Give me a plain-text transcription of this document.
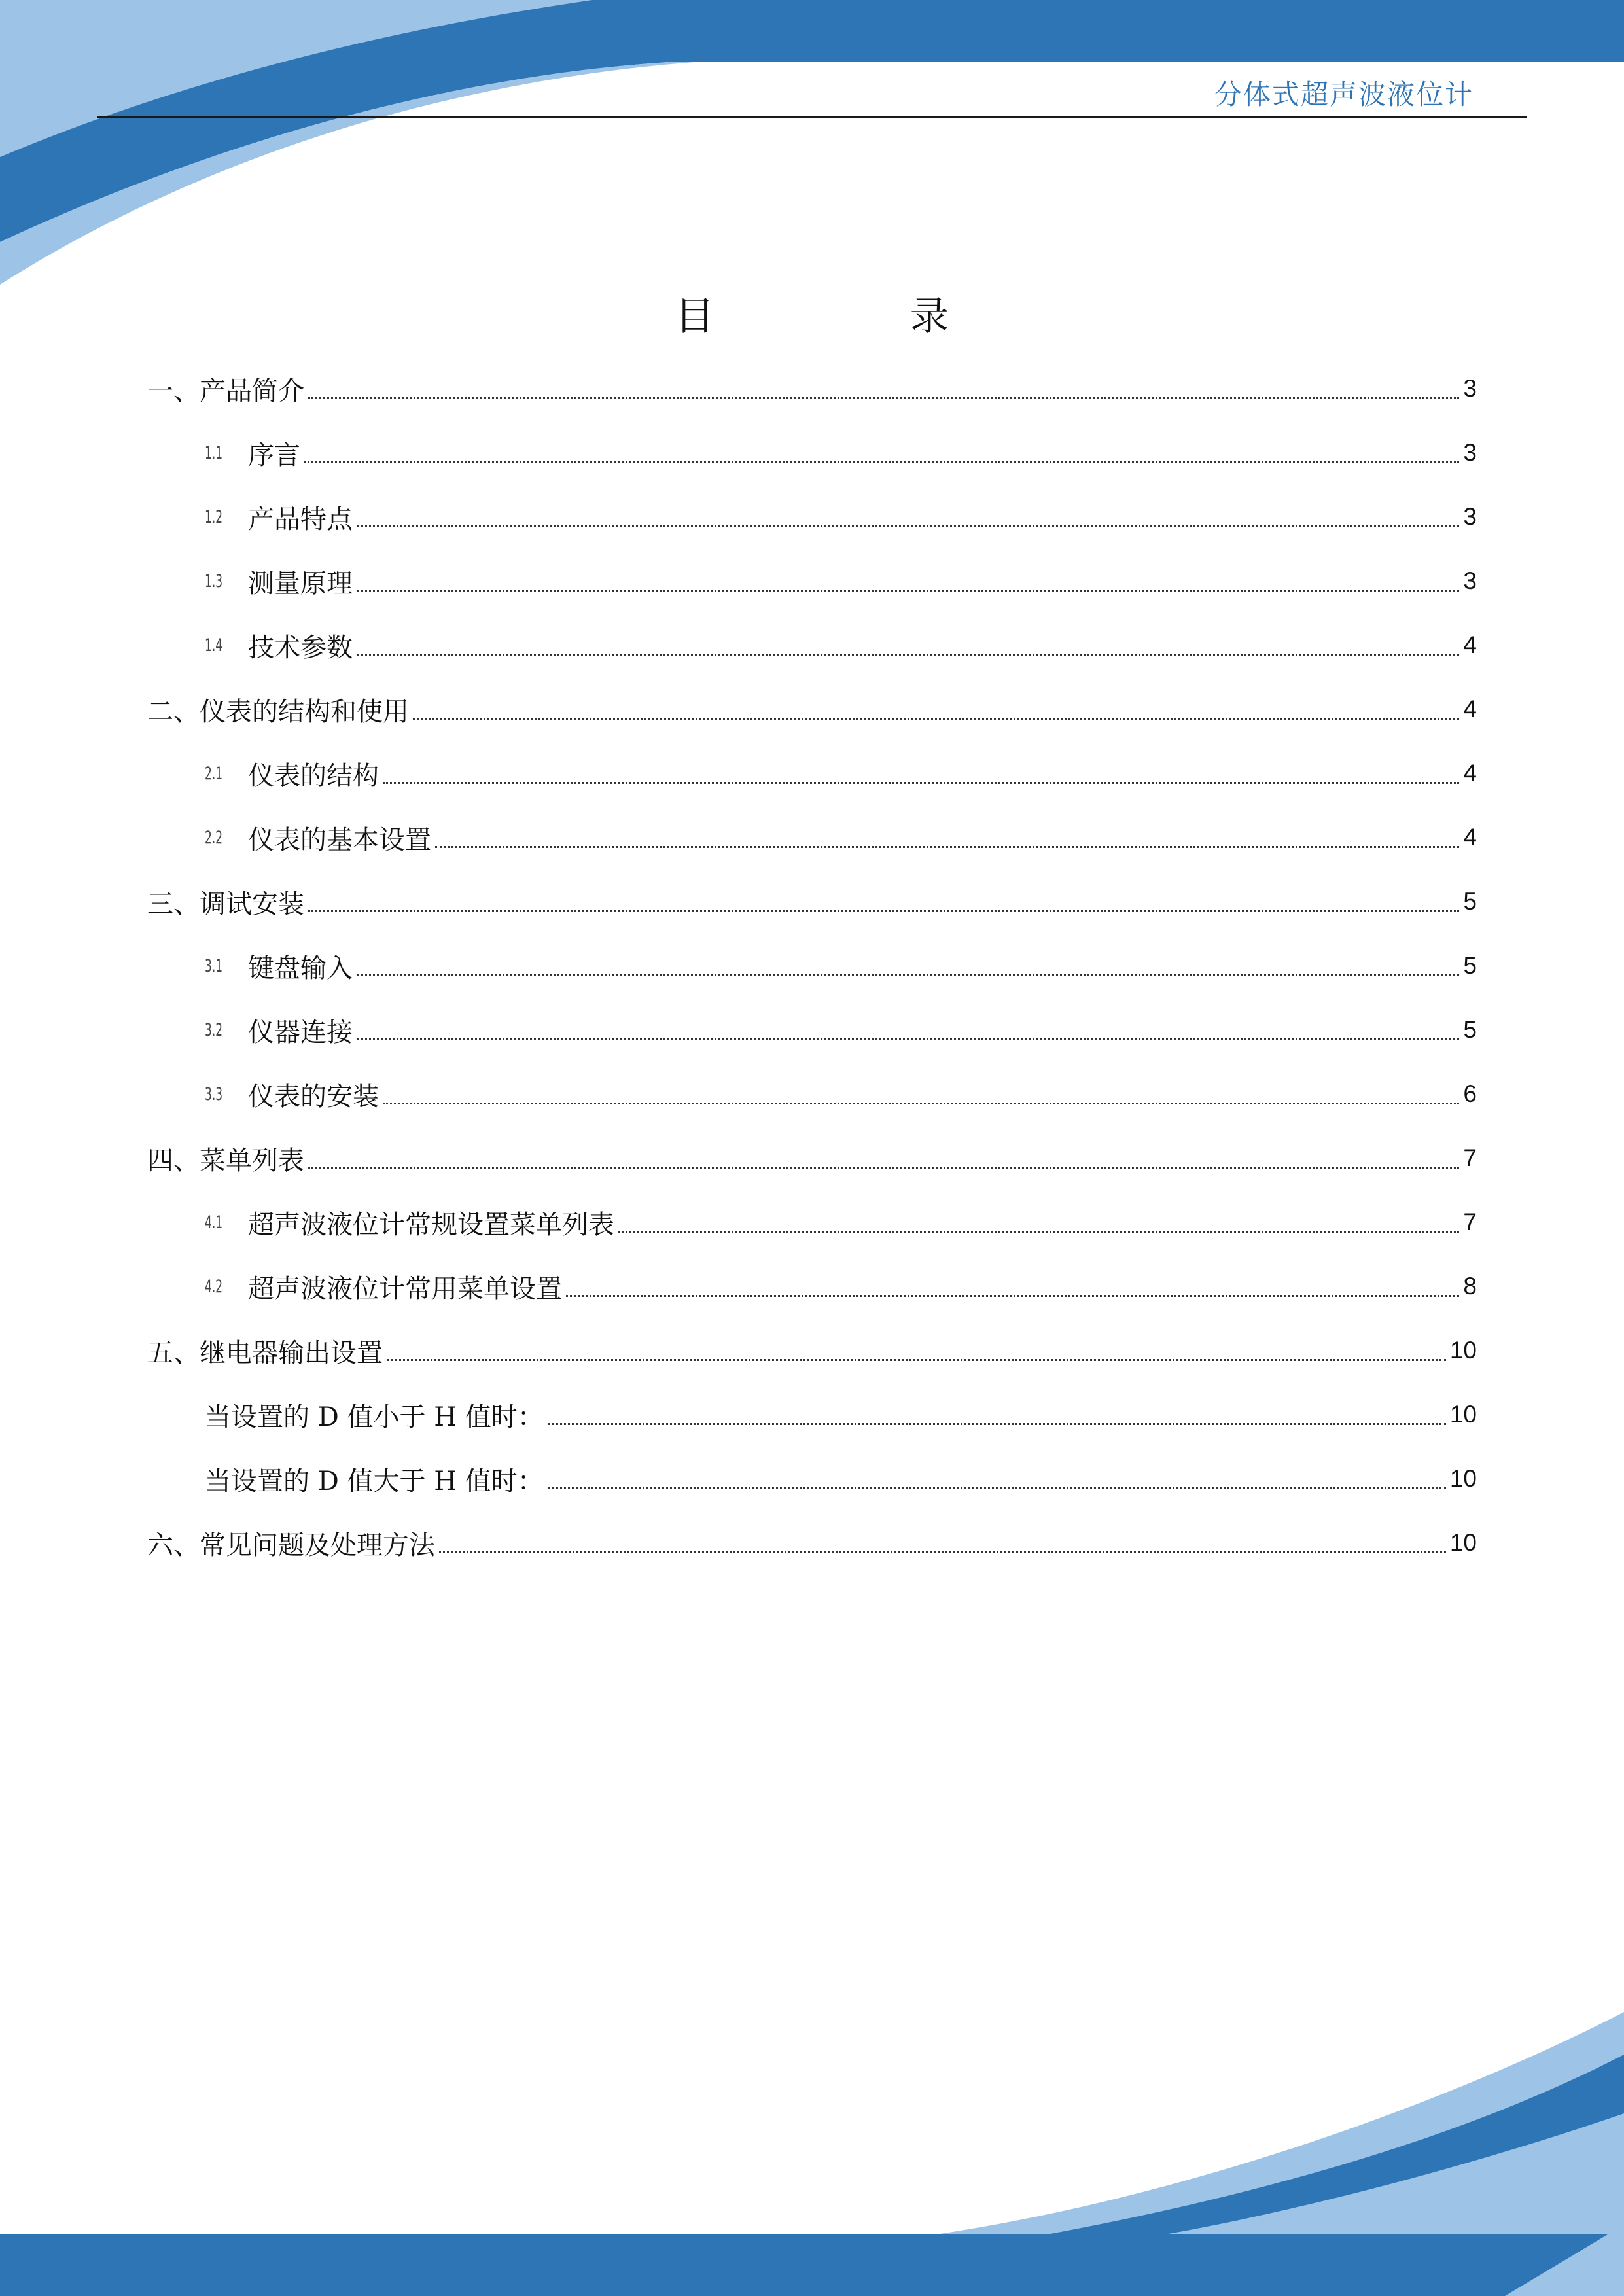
分体式超声波液位计
目 录
一、产品简介	3
1.1 序言	3
1.2 产品特点	3
1.3 测量原理	3
1.4 技术参数	4
二、仪表的结构和使用	4
2.1 仪表的结构	4
2.2 仪表的基本设置	4
三、调试安装	5
3.1 键盘输入	5
3.2 仪器连接	5
3.3 仪表的安装	6
四、菜单列表	7
4.1 超声波液位计常规设置菜单列表	7
4.2 超声波液位计常用菜单设置	8
五、继电器输出设置	10
当设置的 D 值小于 H 值时：	10
当设置的 D 值大于 H 值时：	10
六、常见问题及处理方法	10
